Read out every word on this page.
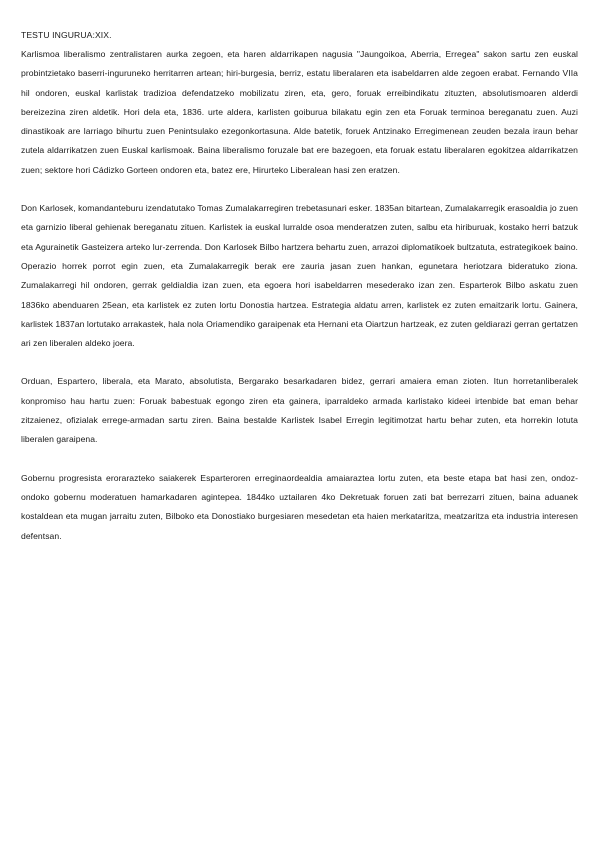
TESTU INGURUA:XIX.

Karlismoa liberalismo zentralistaren aurka zegoen, eta haren aldarrikapen nagusia "Jaungoikoa, Aberria, Erregea" sakon sartu zen euskal probintzietako baserri-inguruneko herritarren artean; hiri-burgesia, berriz, estatu liberalaren eta isabeldarren alde zegoen erabat. Fernando VIIa hil ondoren, euskal karlistak tradizioa defendatzeko mobilizatu ziren, eta, gero, foruak erreibindikatu zituzten, absolutismoaren alderdi bereizezina ziren aldetik. Hori dela eta, 1836. urte aldera, karlisten goiburua bilakatu egin zen eta Foruak terminoa bereganatu zuen. Auzi dinastikoak are larriago bihurtu zuen Penintsulako ezegonkortasuna. Alde batetik, foruek Antzinako Erregimenean zeuden bezala iraun behar zutela aldarrikatzen zuen Euskal karlismoak. Baina liberalismo foruzale bat ere bazegoen, eta foruak estatu liberalaren egokitzea aldarrikatzen zuen; sektore hori Cádizko Gorteen ondoren eta, batez ere, Hirurteko Liberalean hasi zen eratzen.

Don Karlosek, komandanteburu izendatutako Tomas Zumalakarregiren trebetasunari esker. 1835an bitartean, Zumalakarregik erasoaldia jo zuen eta garnizio liberal gehienak bereganatu zituen. Karlistek ia euskal lurralde osoa menderatzen zuten, salbu eta hiriburuak, kostako herri batzuk eta Agurainetik Gasteizera arteko lur-zerrenda. Don Karlosek Bilbo hartzera behartu zuen, arrazoi diplomatikoek bultzatuta, estrategikoek baino. Operazio horrek porrot egin zuen, eta Zumalakarregik berak ere zauria jasan zuen hankan, egunetara heriotzara bideratuko ziona. Zumalakarregi hil ondoren, gerrak geldialdia izan zuen, eta egoera hori isabeldarren mesederako izan zen. Esparterok Bilbo askatu zuen 1836ko abenduaren 25ean, eta karlistek ez zuten lortu Donostia hartzea. Estrategia aldatu arren, karlistek ez zuten emaitzarik lortu. Gainera, karlistek 1837an lortutako arrakastek, hala nola Oriamendiko garaipenak eta Hernani eta Oiartzun hartzeak, ez zuten geldiarazi gerran gertatzen ari zen liberalen aldeko joera.

Orduan, Espartero, liberala, eta Marato, absolutista, Bergarako besarkadaren bidez, gerrari amaiera eman zioten. Itun horretanliberalek konpromiso hau hartu zuen: Foruak babestuak egongo ziren eta gainera, iparraldeko armada karlistako kideei irtenbide bat eman behar zitzaienez, ofizialak errege-armadan sartu ziren. Baina bestalde Karlistek Isabel Erregin legitimotzat hartu behar zuten, eta horrekin lotuta liberalen garaipena.

Gobernu progresista erorarazteko saiakerek Esparteroren erreginaordealdia amaiaraztea lortu zuten, eta beste etapa bat hasi zen, ondoz-ondoko gobernu moderatuen hamarkadaren agintepea. 1844ko uztailaren 4ko Dekretuak foruen zati bat berrezarri zituen, baina aduanek kostaldean eta mugan jarraitu zuten, Bilboko eta Donostiako burgesiaren mesedetan eta haien merkataritza, meatzaritza eta industria interesen defentsan.
